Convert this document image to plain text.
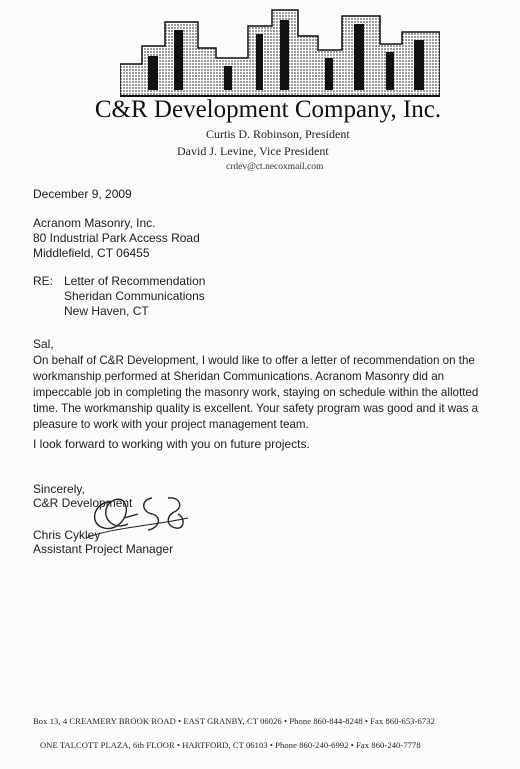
C&R Development Company, Inc.
Curtis D. Robinson, President
David J. Levine, Vice President
crdev@ct.necoxmail.com
December 9, 2009
Acranom Masonry, Inc.
80 Industrial Park Access Road
Middlefield, CT 06455
RE: Letter of Recommendation
Sheridan Communications
New Haven, CT
Sal,
On behalf of C&R Development, I would like to offer a letter of recommendation on the
workmanship performed at Sheridan Communications. Acranom Masonry did an
impeccable job in completing the masonry work, staying on schedule within the allotted
time. The workmanship quality is excellent. Your safety program was good and it was a
pleasure to work with your project management team.
I look forward to working with you on future projects.
Sincerely,
C&R Development
Chris Cykley
Assistant Project Manager
Box 13, 4 CREAMERY BROOK ROAD • EAST GRANBY, CT 06026 • Phone 860-844-8248 • Fax 860-653-6732
ONE TALCOTT PLAZA, 6th FLOOR • HARTFORD, CT 06103 • Phone 860-240-6992 • Fax 860-240-7778
